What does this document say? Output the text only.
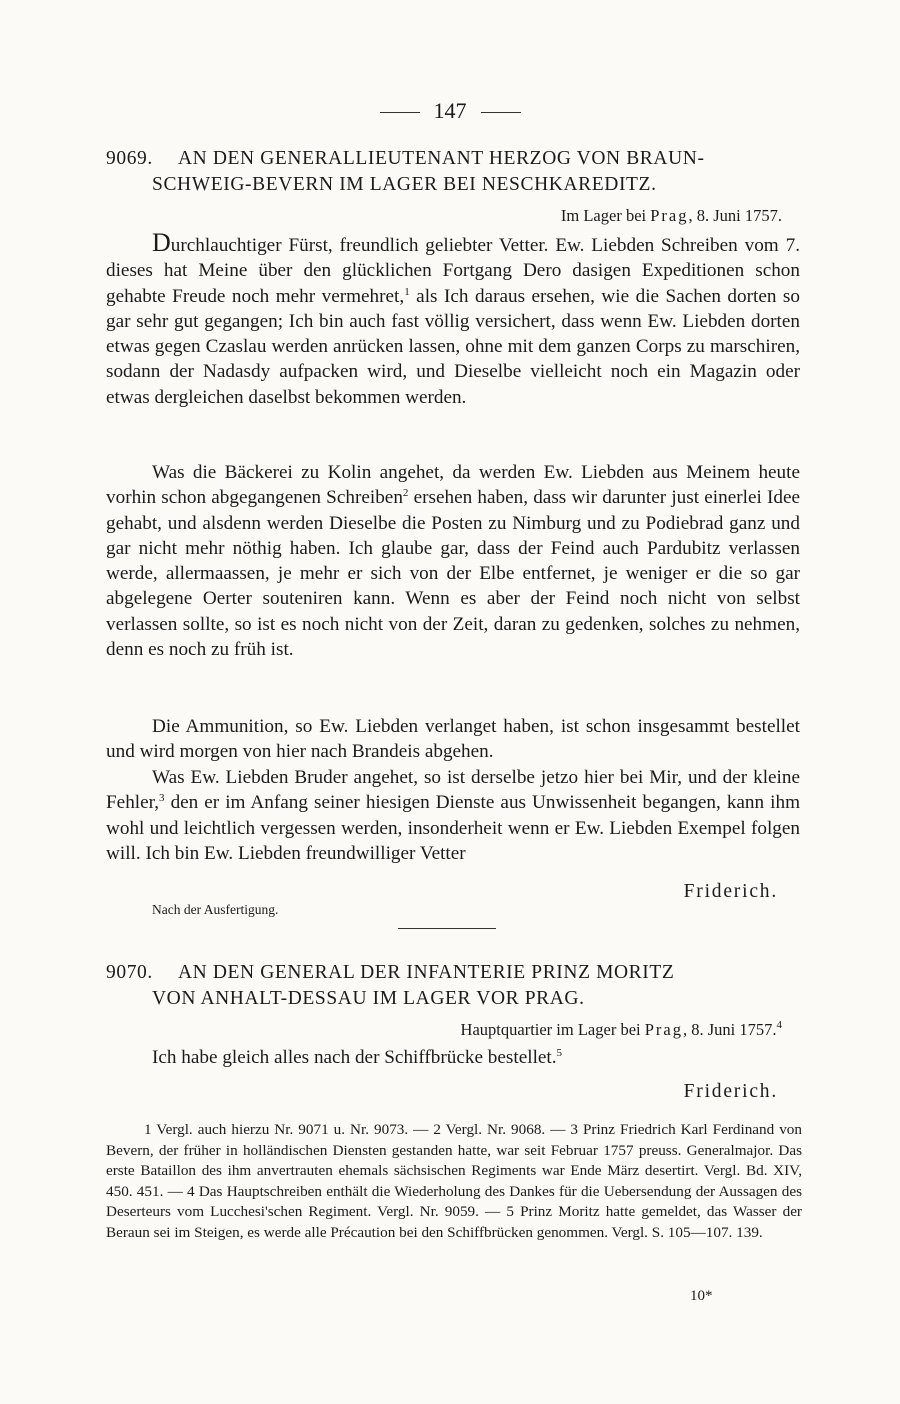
147
9069. AN DEN GENERALLIEUTENANT HERZOG VON BRAUN-
SCHWEIG-BEVERN IM LAGER BEI NESCHKAREDITZ.
Im Lager bei Prag, 8. Juni 1757.
Durchlauchtiger Fürst, freundlich geliebter Vetter. Ew. Liebden Schreiben vom 7. dieses hat Meine über den glücklichen Fortgang Dero dasigen Expeditionen schon gehabte Freude noch mehr vermehret,$^1$ als Ich daraus ersehen, wie die Sachen dorten so gar sehr gut gegangen; Ich bin auch fast völlig versichert, dass wenn Ew. Liebden dorten etwas gegen Czaslau werden anrücken lassen, ohne mit dem ganzen Corps zu marschiren, sodann der Nadasdy aufpacken wird, und Dieselbe vielleicht noch ein Magazin oder etwas dergleichen daselbst bekommen werden.
Was die Bäckerei zu Kolin angehet, da werden Ew. Liebden aus Meinem heute vorhin schon abgegangenen Schreiben$^2$ ersehen haben, dass wir darunter just einerlei Idee gehabt, und alsdenn werden Dieselbe die Posten zu Nimburg und zu Podiebrad ganz und gar nicht mehr nöthig haben. Ich glaube gar, dass der Feind auch Pardubitz verlassen werde, allermaassen, je mehr er sich von der Elbe entfernet, je weniger er die so gar abgelegene Oerter souteniren kann. Wenn es aber der Feind noch nicht von selbst verlassen sollte, so ist es noch nicht von der Zeit, daran zu gedenken, solches zu nehmen, denn es noch zu früh ist.
Die Ammunition, so Ew. Liebden verlanget haben, ist schon insgesammt bestellet und wird morgen von hier nach Brandeis abgehen.
Was Ew. Liebden Bruder angehet, so ist derselbe jetzo hier bei Mir, und der kleine Fehler,$^3$ den er im Anfang seiner hiesigen Dienste aus Unwissenheit begangen, kann ihm wohl und leichtlich vergessen werden, insonderheit wenn er Ew. Liebden Exempel folgen will. Ich bin Ew. Liebden freundwilliger Vetter
Friderich.
Nach der Ausfertigung.
9070. AN DEN GENERAL DER INFANTERIE PRINZ MORITZ
VON ANHALT-DESSAU IM LAGER VOR PRAG.
Hauptquartier im Lager bei Prag, 8. Juni 1757.$^4$
Ich habe gleich alles nach der Schiffbrücke bestellet.$^5$
Friderich.
1 Vergl. auch hierzu Nr. 9071 u. Nr. 9073. — 2 Vergl. Nr. 9068. — 3 Prinz Friedrich Karl Ferdinand von Bevern, der früher in holländischen Diensten gestanden hatte, war seit Februar 1757 preuss. Generalmajor. Das erste Bataillon des ihm anvertrauten ehemals sächsischen Regiments war Ende März desertirt. Vergl. Bd. XIV, 450. 451. — 4 Das Hauptschreiben enthält die Wiederholung des Dankes für die Uebersendung der Aussagen des Deserteurs vom Lucchesi'schen Regiment. Vergl. Nr. 9059. — 5 Prinz Moritz hatte gemeldet, das Wasser der Beraun sei im Steigen, es werde alle Précaution bei den Schiffbrücken genommen. Vergl. S. 105—107. 139.
10*
